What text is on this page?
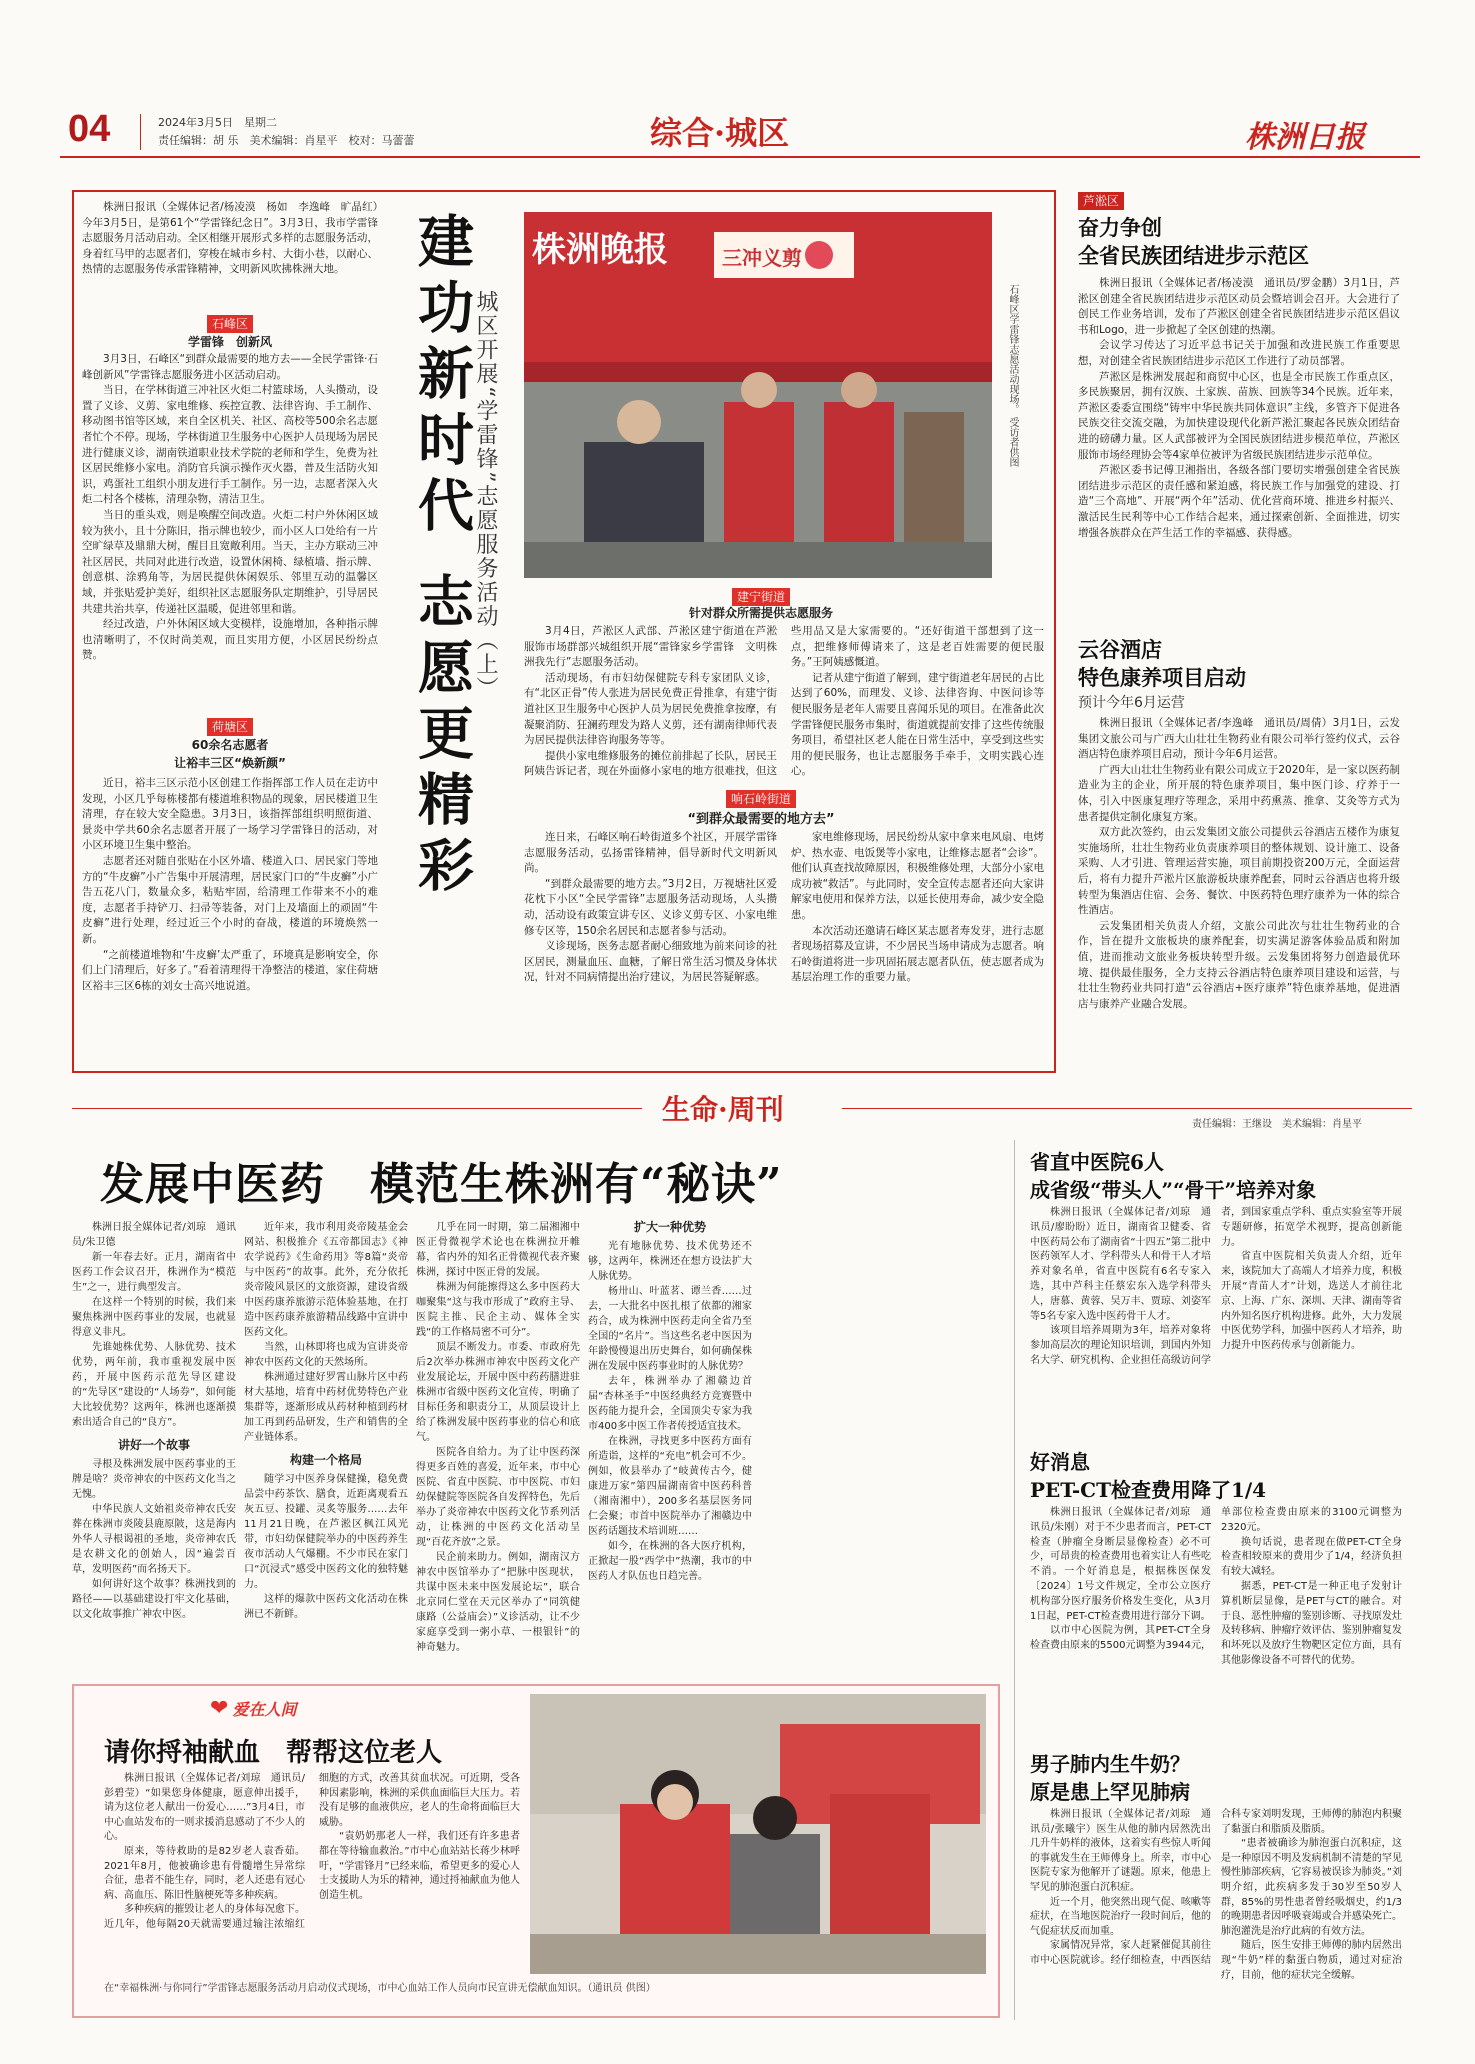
04	2024年3月5日　星期二
责任编辑：胡 乐　美术编辑：肖星平　校对：马蕾蕾	综合·城区	株洲日报

株洲日报讯（全媒体记者/杨凌漠　杨如　李逸峰　旷晶红）今年3月5日，是第61个“学雷锋纪念日”。3月3日，我市学雷锋志愿服务月活动启动。全区相继开展形式多样的志愿服务活动，身着红马甲的志愿者们，穿梭在城市乡村、大街小巷，以耐心、热情的志愿服务传承雷锋精神，文明新风吹拂株洲大地。

石峰区
学雷锋　创新风

3月3日，石峰区“到群众最需要的地方去——全民学雷锋·石峰创新风”学雷锋志愿服务进小区活动启动。

当日，在学林街道三冲社区火炬二村篮球场，人头攒动，设置了义诊、义剪、家电维修、疾控宣教、法律咨询、手工制作、移动图书馆等区域，来自全区机关、社区、高校等500余名志愿者忙个不停。现场，学林街道卫生服务中心医护人员现场为居民进行健康义诊，湖南铁道职业技术学院的老师和学生，免费为社区居民维修小家电。消防官兵演示操作灭火器，普及生活防火知识，鸡蛋社工组织小朋友进行手工制作。另一边，志愿者深入火炬二村各个楼栋，清理杂物，清洁卫生。

当日的重头戏，则是唤醒空间改造。火炬二村户外休闲区域较为狭小，且十分陈旧，指示牌也较少，而小区人口处给有一片空旷绿草及鼎鼎大树，醒目且宽敞利用。当天，主办方联动三冲社区居民，共同对此进行改造，设置休闲椅、绿植墙、指示牌、创意棋、涂鸦角等，为居民提供休闲娱乐、邻里互动的温馨区域，并张贴爱护美好，组织社区志愿服务队定期维护，引导居民共建共治共享，传递社区温暖，促进邻里和谐。

经过改造，户外休闲区域大变模样，设施增加，各种指示牌也清晰明了，不仅时尚美观，而且实用方便，小区居民纷纷点赞。

荷塘区
60余名志愿者
让裕丰三区“焕新颜”

近日，裕丰三区示范小区创建工作指挥部工作人员在走访中发现，小区几乎每栋楼都有楼道堆积物品的现象，居民楼道卫生清理，存在较大安全隐患。3月3日，该指挥部组织明照街道、景炎中学共60余名志愿者开展了一场学习学雷锋日的活动，对小区环境卫生集中整治。

志愿者还对随自张贴在小区外墙、楼道入口、居民家门等地方的“牛皮癣”小广告集中开展清理，居民家门口的“牛皮癣”小广告五花八门，数量众多，粘贴牢固，给清理工作带来不小的难度，志愿者手持铲刀、扫帚等装备，对门上及墙面上的顽固“牛皮癣”进行处理，经过近三个小时的奋战，楼道的环境焕然一新。

“之前楼道堆物和‘牛皮癣’太严重了，环境真是影响安全，你们上门清理后，好多了。”看着清理得干净整洁的楼道，家住荷塘区裕丰三区6栋的刘女士高兴地说道。

建功新时代
志愿更精彩
城区开展“学雷锋”志愿服务活动（上）
株洲晚报	三冲义剪
石峰区学雷锋志愿活动现场。 受访者供图
建宁街道
针对群众所需提供志愿服务

3月4日，芦淞区人武部、芦淞区建宁街道在芦淞服饰市场群部兴城组织开展“雷锋家乡学雷锋　文明株洲我先行”志愿服务活动。

活动现场，有市妇幼保健院专科专家团队义诊，有“北区正骨”传人张进为居民免费正骨推拿，有建宁街道社区卫生服务中心医护人员为居民免费推拿按摩，有凝聚消防、狂澜药理发为路人义剪，还有湖南律师代表为居民提供法律咨询服务等等。

提供小家电维修服务的摊位前排起了长队，居民王阿姨告诉记者，现在外面修小家电的地方很难找，但这些用品又是大家需要的。“还好街道干部想到了这一点，把维修师傅请来了，这是老百姓需要的便民服务。”王阿姨感慨道。

记者从建宁街道了解到，建宁街道老年居民的占比达到了60%，而理发、义诊、法律咨询、中医问诊等便民服务是老年人需要且喜闻乐见的项目。在准备此次学雷锋便民服务市集时，街道就提前安排了这些传统服务项目，希望社区老人能在日常生活中，享受到这些实用的便民服务，也让志愿服务手牵手，文明实践心连心。

响石岭街道
“到群众最需要的地方去”

连日来，石峰区响石岭街道多个社区，开展学雷锋志愿服务活动，弘扬雷锋精神，倡导新时代文明新风尚。

“到群众最需要的地方去。”3月2日，万视塘社区爱花枕下小区“全民学雷锋”志愿服务活动现场，人头攒动，活动设有政策宣讲专区、义诊义剪专区、小家电维修专区等，150余名居民和志愿者参与活动。

义诊现场，医务志愿者耐心细致地为前来问诊的社区居民，测量血压、血糖，了解日常生活习惯及身体状况，针对不同病情提出治疗建议，为居民答疑解惑。

家电维修现场，居民纷纷从家中拿来电风扇、电烤炉、热水壶、电饭煲等小家电，让维修志愿者“会诊”。他们认真查找故障原因，积极维修处理，大部分小家电成功被“救活”。与此同时，安全宣传志愿者还向大家讲解家电使用和保养方法，以延长使用寿命，减少安全隐患。

本次活动还邀请石峰区某志愿者寿发芽，进行志愿者现场招募及宣讲，不少居民当场申请成为志愿者。响石岭街道将进一步巩固拓展志愿者队伍，使志愿者成为基层治理工作的重要力量。

芦淞区
奋力争创
全省民族团结进步示范区

株洲日报讯（全媒体记者/杨凌漠　通讯员/罗金鹏）3月1日，芦淞区创建全省民族团结进步示范区动员会暨培训会召开。大会进行了创民工作业务培训，发布了芦淞区创建全省民族团结进步示范区倡议书和Logo，进一步掀起了全区创建的热潮。

会议学习传达了习近平总书记关于加强和改进民族工作重要思想，对创建全省民族团结进步示范区工作进行了动员部署。

芦淞区是株洲发展起和商贸中心区，也是全市民族工作重点区，多民族聚居，拥有汉族、土家族、苗族、回族等34个民族。近年来，芦淞区委委宣围绕“铸牢中华民族共同体意识”主线，多管齐下促进各民族交往交流交融，为加快建设现代化新芦淞汇聚起各民族众团结奋进的磅礴力量。区人武部被评为全国民族团结进步模范单位，芦淞区服饰市场经理协会等4家单位被评为省级民族团结进步示范单位。

芦淞区委书记傅卫湘指出，各级各部门要切实增强创建全省民族团结进步示范区的责任感和紧迫感，将民族工作与加强党的建设、打造“三个高地”、开展“两个年”活动、优化营商环境、推进乡村振兴、激活民生民利等中心工作结合起来，通过探索创新、全面推进，切实增强各族群众在芦生活工作的幸福感、获得感。

云谷酒店
特色康养项目启动
预计今年6月运营

株洲日报讯（全媒体记者/李逸峰　通讯员/周倩）3月1日，云发集团文旅公司与广西大山壮壮生物药业有限公司举行签约仪式，云谷酒店特色康养项目启动，预计今年6月运营。

广西大山壮壮生物药业有限公司成立于2020年，是一家以医药制造业为主的企业，所开展的特色康养项目，集中医门诊、疗养于一体，引入中医康复理疗等理念，采用中药熏蒸、推拿、艾灸等方式为患者提供定制化康复方案。

双方此次签约，由云发集团文旅公司提供云谷酒店五楼作为康复实施场所，壮壮生物药业负责康养项目的整体规划、设计施工、设备采购、人才引进、管理运营实施，项目前期投资200万元，全面运营后，将有力提升芦淞片区旅游板块康养配套，同时云谷酒店也将升级转型为集酒店住宿、会务、餐饮、中医药特色理疗康养为一体的综合性酒店。

云发集团相关负责人介绍，文旅公司此次与壮壮生物药业的合作，旨在提升文旅板块的康养配套，切实满足游客体验品质和附加值，进而推动文旅业务板块转型升级。云发集团将努力创造最优环境、提供最佳服务，全力支持云谷酒店特色康养项目建设和运营，与壮壮生物药业共同打造“云谷酒店+医疗康养”特色康养基地，促进酒店与康养产业融合发展。

生命·周刊	责任编辑：王继设　美术编辑：肖星平
发展中医药　模范生株洲有“秘诀”

株洲日报全媒体记者/刘琼　通讯员/朱卫德

新一年春去好。正月，湖南省中医药工作会议召开，株洲作为“模范生”之一，进行典型发言。

在这样一个特别的时候，我们来聚焦株洲中医药事业的发展，也就显得意义非凡。

先谁她株优势、人脉优势、技术优势，两年前，我市重视发展中医药，开展中医药示范先导区建设的“先导区”建设的“人场券”，如何能大比较优势？这两年，株洲也逐渐摸索出适合自己的“良方”。

讲好一个故事

寻根及株洲发展中医药事业的王牌是啥？炎帝神农的中医药文化当之无愧。

中华民族人文始祖炎帝神农氏安葬在株洲市炎陵县鹿原陂，这是海内外华人寻根谒祖的圣地，炎帝神农氏是农耕文化的创始人，因“遍尝百草，发明医药”而名扬天下。

如何讲好这个故事？株洲找到的路径——以基础建设打牢文化基础，以文化故事推广神农中医。

近年来，我市利用炎帝陵基金会网站、积极推介《五帝都国志》《神农学说药》《生命药用》等8篇“炎帝与中医药”的故事。此外，充分依托炎帝陵风景区的文旅资源，建设省级中医药康养旅游示范体验基地，在打造中医药康养旅游精品线路中宣讲中医药文化。

当然，山林即将也成为宣讲炎帝神农中医药文化的天然场所。

株洲通过建好罗霄山脉片区中药材大基地，培育中药材优势特色产业集群等，逐渐形成从药材种植到药材加工再到药品研发，生产和销售的全产业链体系。

构建一个格局

随学习中医养身保健操，稳免费品尝中药茶饮、膳食，近距离观看五灰五豆、投罐、灵炙等服务……去年11月21日晚，在芦淞区枫江风光带，市妇幼保健院举办的中医药养生夜市活动人气爆棚。不少市民在家门口“沉浸式”感受中医药文化的独特魅力。

这样的爆款中医药文化活动在株洲已不新鲜。

几乎在同一时期，第二届湘湘中医正骨微视学术论也在株洲拉开帷幕，省内外的知名正骨微视代表齐聚株洲，探讨中医正骨的发展。

株洲为何能擦得这么多中医药大咖聚集“这与我市形成了”政府主导、医院主推、民企主动、媒体全实践“的工作格局密不可分”。

顶层不断发力。市委、市政府先后2次举办株洲市神农中医药文化产业发展论坛，开展中医中药药膳进驻株洲市省级中医药文化宣传，明确了目标任务和职责分工，从顶层设计上给了株洲发展中医药事业的信心和底气。

医院各自给力。为了让中医药深得更多百姓的喜爱，近年来，市中心医院、省直中医院、市中医院、市妇幼保健院等医院各自发挥特色，先后举办了炎帝神农中医药文化节系列活动，让株洲的中医药文化活动呈现“百花齐放”之景。

民企前来助力。例如，湖南汉方神农中医馆举办了“把脉中医现状，共谋中医未来中医发展论坛”，联合北京同仁堂在天元区举办了“同筑健康路（公益庙会）”义诊活动，让不少家庭享受到一粥小草、一根银针”的神奇魅力。

扩大一种优势

光有地脉优势、技术优势还不够，这两年，株洲还在想方设法扩大人脉优势。

杨卅山、叶蓝茗、谭兰香……过去，一大批名中医扎根了依都的湘家药合，成为株洲中医药走向全省乃至全国的“名片”。当这些名老中医因为年龄慢慢退出历史舞台，如何确保株洲在发展中医药事业时的人脉优势？

去年，株洲举办了湘赣边首届“杏林圣手”中医经典经方竞赛暨中医药能力提升会，全国顶尖专家为我市400多中医工作者传授适宜技术。

在株洲，寻找更多中医药方面有所造诣，这样的“充电”机会可不少。例如，攸县举办了“岐黄传古今，健康进万家”第四届湖南省中医药科普（湘南湘中），200多名基层医务同仁会聚；市首中医院举办了湘赣边中医药话题技术培训班……

如今，在株洲的各大医疗机构，正掀起一股“西学中”热潮，我市的中医药人才队伍也日趋完善。

省直中医院6人
成省级“带头人”“骨干”培养对象

株洲日报讯（全媒体记者/刘琼　通讯员/廖盼盼）近日，湖南省卫健委、省中医药局公布了湖南省“十四五”第二批中医药领军人才、学科带头人和骨干人才培养对象名单，省直中医院有6名专家入选，其中芦科主任蔡宏东入选学科带头人，唐慕、黄蓉、吴万丰、贾琼、刘姿军等5名专家入选中医药骨干人才。

该项目培养周期为3年，培养对象将参加高层次的理论知识培训，到国内外知名大学、研究机构、企业担任高级访问学者，到国家重点学科、重点实验室等开展专题研修，拓宽学术视野，提高创新能力。

省直中医院相关负责人介绍，近年来，该院加大了高端人才培养力度，积极开展“青苗人才”计划，选送人才前往北京、上海、广东、深圳、天津、湖南等省内外知名医疗机构进修。此外，大力发展中医优势学科，加强中医药人才培养，助力提升中医药传承与创新能力。

好消息
PET-CT检查费用降了1/4

株洲日报讯（全媒体记者/刘琼　通讯员/朱刚）对于不少患者而言，PET-CT检查（肿瘤全身断层显像检查）必不可少，可昂贵的检查费用也着实让人有些吃不消。一个好消息是，根据株医保发〔2024〕1号文件规定，全市公立医疗机构部分医疗服务价格发生变化，从3月1日起，PET-CT检查费用进行部分下调。

以市中心医院为例，其PET-CT全身检查费由原来的5500元调整为3944元，单部位检查费由原来的3100元调整为2320元。

换句话说，患者现在做PET-CT全身检查相较原来的费用少了1/4，经济负担有较大减轻。

据悉，PET-CT是一种正电子发射计算机断层显像，是PET与CT的融合。对于良、恶性肿瘤的鉴别诊断、寻找原发灶及转移病、肿瘤疗效评估、鉴别肿瘤复发和坏死以及放疗生物靶区定位方面，具有其他影像设备不可替代的优势。

男子肺内生牛奶？
原是患上罕见肺病

株洲日报讯（全媒体记者/刘琼　通讯员/张曦宇）医生从他的肺内居然洗出几升牛奶样的液体，这着实有些惊人听闻的事就发生在王师傅身上。所幸，市中心医院专家为他解开了谜题。原来，他患上罕见的肺泡蛋白沉积症。

近一个月，他突然出现气促、咳嗽等症状，在当地医院治疗一段时间后，他的气促症状反而加重。

家属情况异常，家人赶紧催促其前往市中心医院就诊。经仔细检查，中西医结合科专家刘明发现，王师傅的肺泡内积聚了黏蛋白和脂质及脂质。

“患者被确诊为肺泡蛋白沉积症，这是一种原因不明及发病机制不清楚的罕见慢性肺部疾病，它容易被误诊为肺炎。”刘明介绍，此疾病多发于30岁至50岁人群，85%的男性患者曾经吸烟史，约1/3的晚期患者因呼吸衰竭或合并感染死亡。肺泡灌洗是治疗此病的有效方法。

随后，医生安排王师傅的肺内居然出现“牛奶”样的黏蛋白物质，通过对症治疗，目前，他的症状完全缓解。

❤ 爱在人间
请你捋袖献血　帮帮这位老人

株洲日报讯（全媒体记者/刘琼　通讯员/彭碧莹）“如果您身体健康，愿意伸出援手，请为这位老人献出一份爱心……”3月4日，市中心血站发布的一则求援消息感动了不少人的心。

原来，等待救助的是82岁老人袁香茹。2021年8月，他被确诊患有骨髓增生异常综合征，患者不能生存，同时，老人还患有冠心病、高血压、陈旧性脑梗死等多种疾病。

多种疾病的摧毁让老人的身体每况愈下。近几年，他每隔20天就需要通过输注浓缩红细胞的方式，改善其贫血状况。可近期，受各种因素影响，株洲的采供血面临巨大压力。若没有足够的血液供应，老人的生命将面临巨大威胁。

“袁奶奶那老人一样，我们还有许多患者都在等待输血救治。”市中心血站站长蒋少林呼吁，“学雷锋月”已经来临，希望更多的爱心人士支援助人为乐的精神，通过捋袖献血为他人创造生机。

在“幸福株洲·与你同行”学雷锋志愿服务活动月启动仪式现场，市中心血站工作人员向市民宣讲无偿献血知识。（通讯员 供图）
